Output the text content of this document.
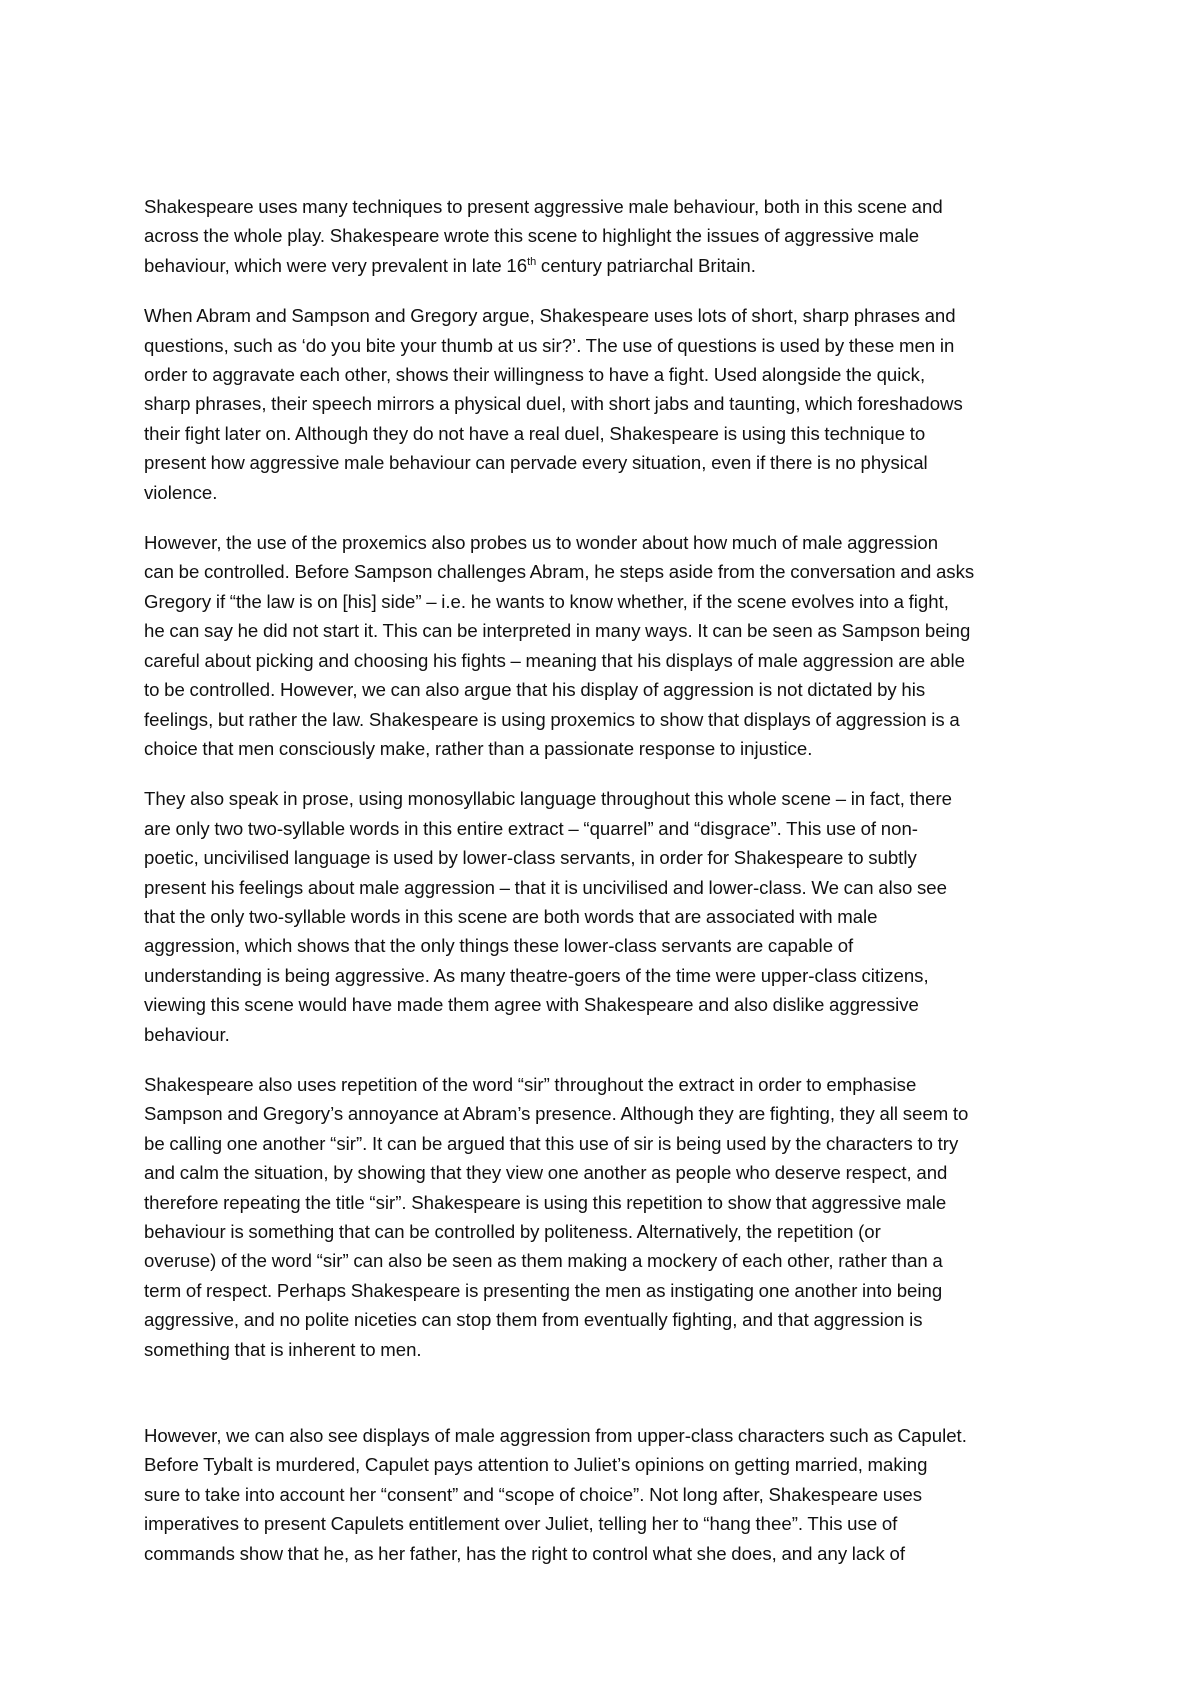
Shakespeare uses many techniques to present aggressive male behaviour, both in this scene and
across the whole play. Shakespeare wrote this scene to highlight the issues of aggressive male
behaviour, which were very prevalent in late 16th century patriarchal Britain.

When Abram and Sampson and Gregory argue, Shakespeare uses lots of short, sharp phrases and
questions, such as ‘do you bite your thumb at us sir?’. The use of questions is used by these men in
order to aggravate each other, shows their willingness to have a fight. Used alongside the quick,
sharp phrases, their speech mirrors a physical duel, with short jabs and taunting, which foreshadows
their fight later on. Although they do not have a real duel, Shakespeare is using this technique to
present how aggressive male behaviour can pervade every situation, even if there is no physical
violence.

However, the use of the proxemics also probes us to wonder about how much of male aggression
can be controlled. Before Sampson challenges Abram, he steps aside from the conversation and asks
Gregory if “the law is on [his] side” – i.e. he wants to know whether, if the scene evolves into a fight,
he can say he did not start it. This can be interpreted in many ways. It can be seen as Sampson being
careful about picking and choosing his fights – meaning that his displays of male aggression are able
to be controlled. However, we can also argue that his display of aggression is not dictated by his
feelings, but rather the law. Shakespeare is using proxemics to show that displays of aggression is a
choice that men consciously make, rather than a passionate response to injustice.

They also speak in prose, using monosyllabic language throughout this whole scene – in fact, there
are only two two-syllable words in this entire extract – “quarrel” and “disgrace”. This use of non-
poetic, uncivilised language is used by lower-class servants, in order for Shakespeare to subtly
present his feelings about male aggression – that it is uncivilised and lower-class. We can also see
that the only two-syllable words in this scene are both words that are associated with male
aggression, which shows that the only things these lower-class servants are capable of
understanding is being aggressive. As many theatre-goers of the time were upper-class citizens,
viewing this scene would have made them agree with Shakespeare and also dislike aggressive
behaviour.

Shakespeare also uses repetition of the word “sir” throughout the extract in order to emphasise
Sampson and Gregory’s annoyance at Abram’s presence. Although they are fighting, they all seem to
be calling one another “sir”. It can be argued that this use of sir is being used by the characters to try
and calm the situation, by showing that they view one another as people who deserve respect, and
therefore repeating the title “sir”. Shakespeare is using this repetition to show that aggressive male
behaviour is something that can be controlled by politeness. Alternatively, the repetition (or
overuse) of the word “sir” can also be seen as them making a mockery of each other, rather than a
term of respect. Perhaps Shakespeare is presenting the men as instigating one another into being
aggressive, and no polite niceties can stop them from eventually fighting, and that aggression is
something that is inherent to men.

However, we can also see displays of male aggression from upper-class characters such as Capulet.
Before Tybalt is murdered, Capulet pays attention to Juliet’s opinions on getting married, making
sure to take into account her “consent” and “scope of choice”. Not long after, Shakespeare uses
imperatives to present Capulets entitlement over Juliet, telling her to “hang thee”. This use of
commands show that he, as her father, has the right to control what she does, and any lack of
